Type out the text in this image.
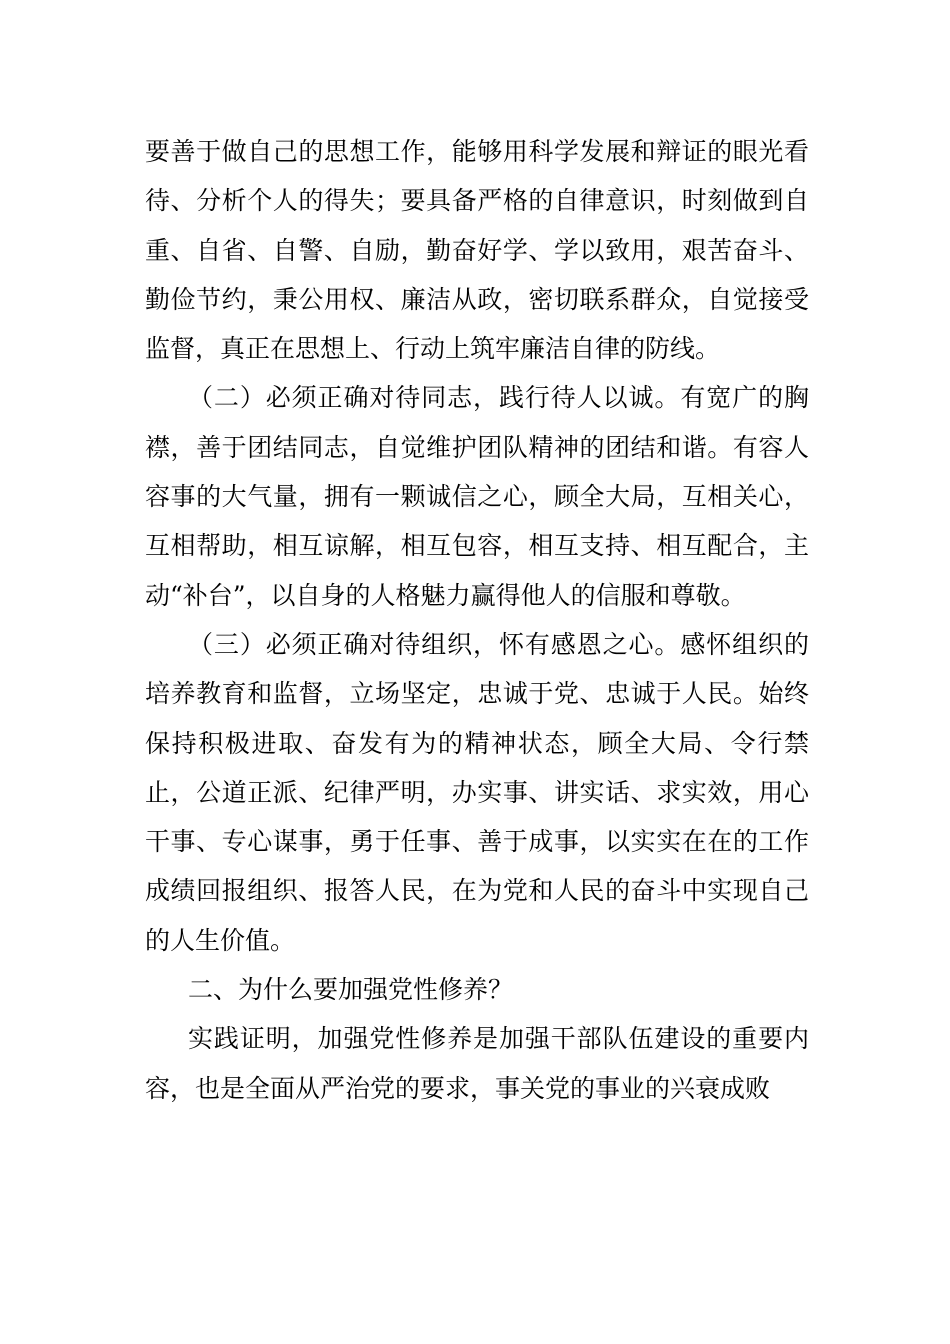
要善于做自己的思想工作，能够用科学发展和辩证的眼光看待、分析个人的得失；要具备严格的自律意识，时刻做到自重、自省、自警、自励，勤奋好学、学以致用，艰苦奋斗、勤俭节约，秉公用权、廉洁从政，密切联系群众，自觉接受监督，真正在思想上、行动上筑牢廉洁自律的防线。

（二）必须正确对待同志，践行待人以诚。有宽广的胸襟，善于团结同志，自觉维护团队精神的团结和谐。有容人容事的大气量，拥有一颗诚信之心，顾全大局，互相关心，互相帮助，相互谅解，相互包容，相互支持、相互配合，主动“补台”，以自身的人格魅力赢得他人的信服和尊敬。

（三）必须正确对待组织，怀有感恩之心。感怀组织的培养教育和监督，立场坚定，忠诚于党、忠诚于人民。始终保持积极进取、奋发有为的精神状态，顾全大局、令行禁止，公道正派、纪律严明，办实事、讲实话、求实效，用心干事、专心谋事，勇于任事、善于成事，以实实在在的工作成绩回报组织、报答人民，在为党和人民的奋斗中实现自己的人生价值。

二、为什么要加强党性修养？

实践证明，加强党性修养是加强干部队伍建设的重要内容，也是全面从严治党的要求，事关党的事业的兴衰成败
